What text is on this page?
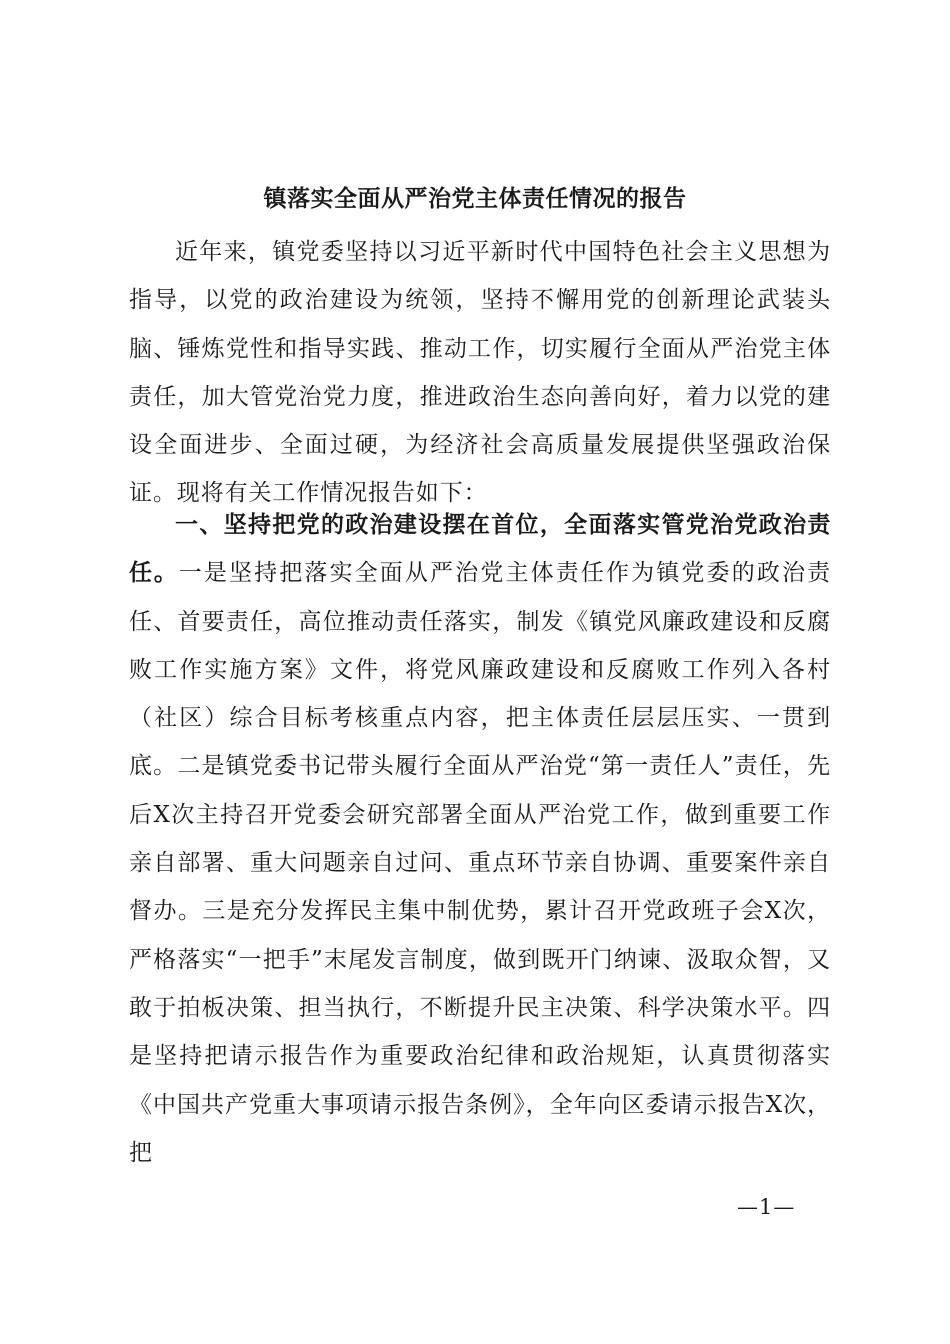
镇落实全面从严治党主体责任情况的报告

近年来，镇党委坚持以习近平新时代中国特色社会主义思想为指导，以党的政治建设为统领，坚持不懈用党的创新理论武装头脑、锤炼党性和指导实践、推动工作，切实履行全面从严治党主体责任，加大管党治党力度，推进政治生态向善向好，着力以党的建设全面进步、全面过硬，为经济社会高质量发展提供坚强政治保证。现将有关工作情况报告如下：

一、坚持把党的政治建设摆在首位，全面落实管党治党政治责任。一是坚持把落实全面从严治党主体责任作为镇党委的政治责任、首要责任，高位推动责任落实，制发《镇党风廉政建设和反腐败工作实施方案》文件，将党风廉政建设和反腐败工作列入各村（社区）综合目标考核重点内容，把主体责任层层压实、一贯到底。二是镇党委书记带头履行全面从严治党“第一责任人”责任，先后X次主持召开党委会研究部署全面从严治党工作，做到重要工作亲自部署、重大问题亲自过问、重点环节亲自协调、重要案件亲自督办。三是充分发挥民主集中制优势，累计召开党政班子会X次，严格落实“一把手”末尾发言制度，做到既开门纳谏、汲取众智，又敢于拍板决策、担当执行，不断提升民主决策、科学决策水平。四是坚持把请示报告作为重要政治纪律和政治规矩，认真贯彻落实《中国共产党重大事项请示报告条例》，全年向区委请示报告X次，把

—1—
